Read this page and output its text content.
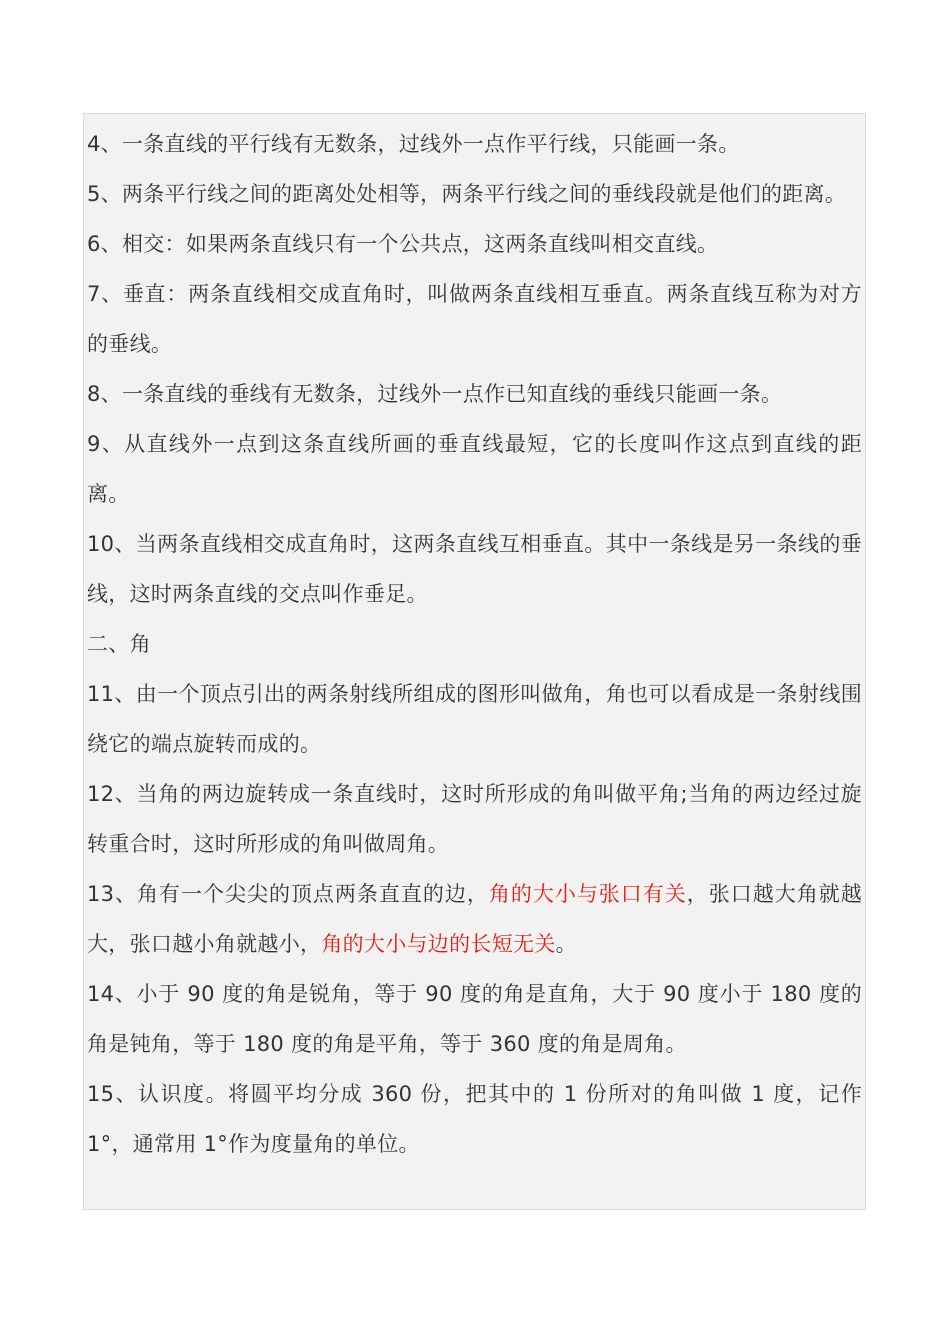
4、一条直线的平行线有无数条，过线外一点作平行线，只能画一条。

5、两条平行线之间的距离处处相等，两条平行线之间的垂线段就是他们的距离。

6、相交：如果两条直线只有一个公共点，这两条直线叫相交直线。

7、垂直：两条直线相交成直角时，叫做两条直线相互垂直。两条直线互称为对方的垂线。

8、一条直线的垂线有无数条，过线外一点作已知直线的垂线只能画一条。

9、从直线外一点到这条直线所画的垂直线最短，它的长度叫作这点到直线的距离。

10、当两条直线相交成直角时，这两条直线互相垂直。其中一条线是另一条线的垂线，这时两条直线的交点叫作垂足。

二、角

11、由一个顶点引出的两条射线所组成的图形叫做角，角也可以看成是一条射线围绕它的端点旋转而成的。

12、当角的两边旋转成一条直线时，这时所形成的角叫做平角;当角的两边经过旋转重合时，这时所形成的角叫做周角。

13、角有一个尖尖的顶点两条直直的边，角的大小与张口有关，张口越大角就越大，张口越小角就越小，角的大小与边的长短无关。

14、小于 90 度的角是锐角，等于 90 度的角是直角，大于 90 度小于 180 度的角是钝角，等于 180 度的角是平角，等于 360 度的角是周角。

15、认识度。将圆平均分成 360 份，把其中的 1 份所对的角叫做 1 度，记作 1°，通常用 1°作为度量角的单位。
